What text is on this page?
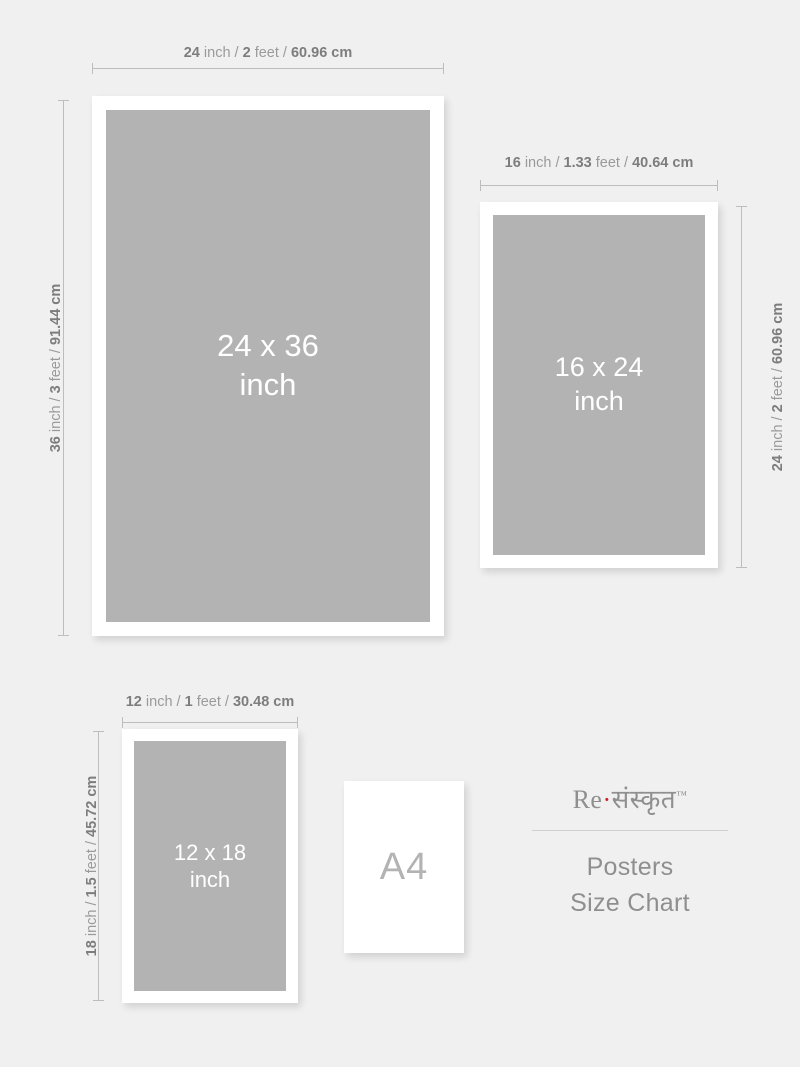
24 inch / 2 feet / 60.96 cm
36 inch / 3 feet / 91.44 cm
24 x 36
inch
16 inch / 1.33 feet / 40.64 cm
24 inch / 2 feet / 60.96 cm
16 x 24
inch
12 inch / 1 feet / 30.48 cm
18 inch / 1.5 feet / 45.72 cm
12 x 18
inch	A4
Re·संस्कृत™
Posters
Size Chart
